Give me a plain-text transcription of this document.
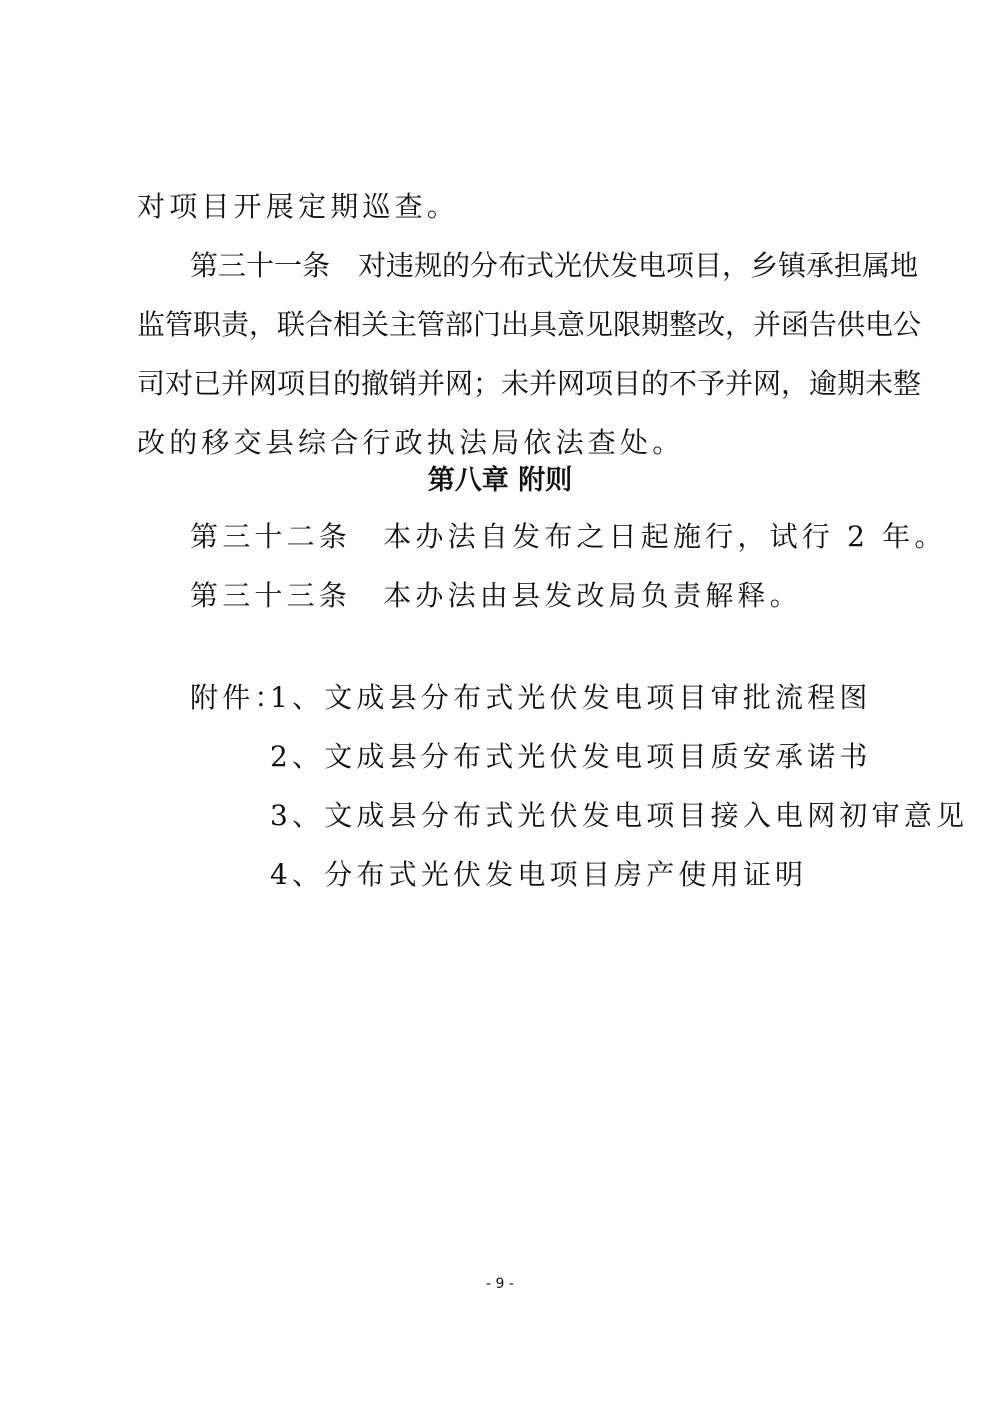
对项目开展定期巡查。
第三十一条　对违规的分布式光伏发电项目，乡镇承担属地
监管职责，联合相关主管部门出具意见限期整改，并函告供电公
司对已并网项目的撤销并网；未并网项目的不予并网，逾期未整
改的移交县综合行政执法局依法查处。
第八章 附则
第三十二条　本办法自发布之日起施行，试行 2 年。
第三十三条　本办法由县发改局负责解释。
附件：
1、文成县分布式光伏发电项目审批流程图
2、文成县分布式光伏发电项目质安承诺书
3、文成县分布式光伏发电项目接入电网初审意见
4、分布式光伏发电项目房产使用证明
- 9 -
